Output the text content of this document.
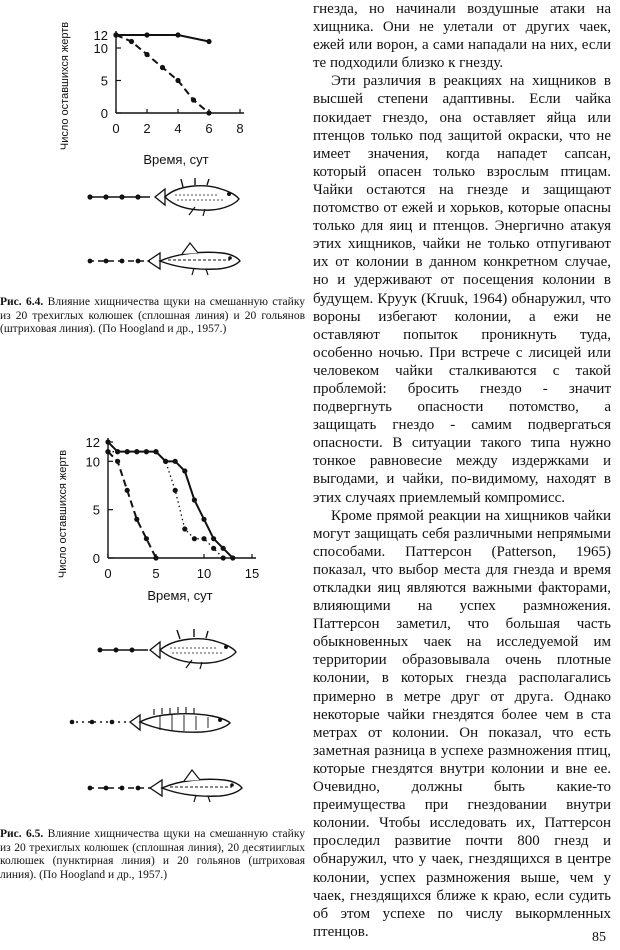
0
5
10
12
0 2 4 6 8
Число оставшихся жертв
Время, сут
Рис. 6.4. Влияние хищничества щуки на смешанную стайку из 20 трехиглых колюшек (сплошная линия) и 20 гольянов (штриховая линия). (По Hoogland и др., 1957.)
0
5
10
12
0	5	10	15
Число оставшихся жертв
Время, сут
Рис. 6.5. Влияние хищничества щуки на смешанную стайку из 20 трехиглых колюшек (сплошная линия), 20 десятииглых колюшек (пунктирная линия) и 20 гольянов (штриховая линия). (По Hoogland и др., 1957.)

гнезда, но начинали воздушные атаки на хищника. Они не улетали от других чаек, ежей или ворон, а сами нападали на них, если те подходили близко к гнезду.

Эти различия в реакциях на хищников в высшей степени адаптивны. Если чайка покидает гнездо, она оставляет яйца или птенцов только под защитой окраски, что не имеет значения, когда нападет сапсан, который опасен только взрослым птицам. Чайки остаются на гнезде и защищают потомство от ежей и хорьков, которые опасны только для яиц и птенцов. Энергично атакуя этих хищников, чайки не только отпугивают их от колонии в данном конкретном случае, но и удерживают от посещения колонии в будущем. Круук (Kruuk, 1964) обнаружил, что вороны избегают колонии, а ежи не оставляют попыток проникнуть туда, особенно ночью. При встрече с лисицей или человеком чайки сталкиваются с такой проблемой: бросить гнездо - значит подвергнуть опасности потомство, а защищать гнездо - самим подвергаться опасности. В ситуации такого типа нужно тонкое равновесие между издержками и выгодами, и чайки, по-видимому, находят в этих случаях приемлемый компромисс.

Кроме прямой реакции на хищников чайки могут защищать себя различными непрямыми способами. Паттерсон (Patterson, 1965) показал, что выбор места для гнезда и время откладки яиц являются важными факторами, влияющими на успех размножения. Паттерсон заметил, что большая часть обыкновенных чаек на исследуемой им территории образовывала очень плотные колонии, в которых гнезда располагались примерно в метре друг от друга. Однако некоторые чайки гнездятся более чем в ста метрах от колонии. Он показал, что есть заметная разница в успехе размножения птиц, которые гнездятся внутри колонии и вне ее. Очевидно, должны быть какие-то преимущества при гнездовании внутри колонии. Чтобы исследовать их, Паттерсон проследил развитие почти 800 гнезд и обнаружил, что у чаек, гнездящихся в центре колонии, успех размножения выше, чем у чаек, гнездящихся ближе к краю, если судить об этом успехе по числу выкормленных птенцов.	85
